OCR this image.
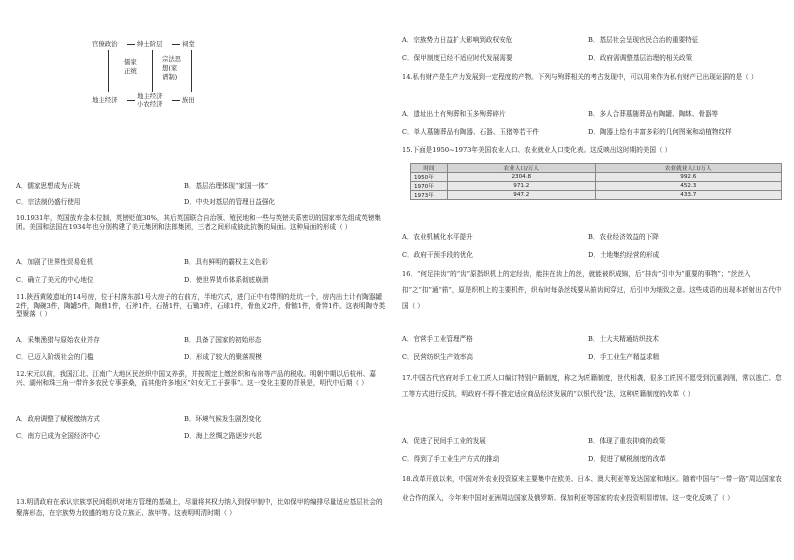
官僚政治	绅士阶层	祠堂
儒家
正统
宗法思
想(家
谱制)
地主经济	地主经济
小农经济	族田
A．儒家思想成为正统	B．基层治理体现“家国一体”
C．宗法制仍盛行使用	D．中央对基层的管理日益强化
10.1931年，英国放弃金本位制，英镑贬值30%，其后英国联合自治领、殖民地和一些与英镑关系密切的国家率先组成英镑集团。美国和法国在1934年也分别构建了美元集团和法郎集团，三者之间形成彼此抗衡的局面。这种局面的形成（ ）
A．加剧了世界性贸易危机	B．具有鲜明的霸权主义色彩
C．确立了美元的中心地位	D．使世界货币体系彻底崩溃
11.陕西黄陵遗址的14号房，位于村落东部1号大房子的右前方，半地穴式，进门正中有带围的灶坑一个，房内出土计有陶器罐2件，陶碗3件，陶罐5件，陶鼎1件，石斧1件，石凿1件，石锄3件，石球1件，骨鱼叉2件，骨镞1件，骨笄1件。这表明陶寺类型聚落（ ）
A．采集渔猎与原始农业并存	B．具备了国家的初始形态
C．已迈入阶级社会的门槛	D．形成了较大的聚落规模
12.宋元以前，我国江北、江南广大地区民丝织中国又养蚕，并按规定上缴丝织和布帛等产品的税收。明朝中期以后杭州、嘉兴、湖州和珠三角一带许多农民专事蚕桑，而其他许多地区“妇女无工于蚕事”。这一变化主要的背景是，明代中后期（ ）
A．政府调整了赋税缴纳方式	B．环境气候发生剧烈变化
C．南方已成为全国经济中心	D．海上丝绸之路逐步兴起
13.明清政府在承认宗族享民间组织对地方管理的基础上，尽量将其权力纳入到保甲制中，比如保甲的编排尽量适应基层社会的聚落形态，在宗族势力较盛的地方设立族正、族甲等。这表明明清时期（ ）
A．宗族势力日益扩大影响到政权安危	B．基层社会呈现官民合治的重要特征
C．保甲制度已经不适应时代发展需要	D．政府需调整基层治理的相关政策
14.私有财产是生产力发展到一定程度的产物。下列与殉葬相关的考古发现中，可以用来作为私有财产已出现证据的是（ ）
A．遗址出土有殉葬和玉多殉葬碎片	B．多人合葬墓随葬品有陶罐、陶缽、骨器等
C．单人墓随葬品有陶器、石器、玉猪等若干件	D．陶器上绘有丰富多彩的几何图案和动植物纹样
15.下面是1950~1973年美国农业人口、农业就业人口变化表。这反映出这时期的美国（ ）
时间	农业人口/万人	农业就业人口/万人
1950年	2304.8	992.6
1970年	971.2	452.3
1973年	947.2	433.7
A．农业机械化水平提升	B．农业经济效益的下降
C．政府干预手段的优化	D．土地集约经营的形成
16．“何足挂齿”的“齿”原指织机上的定经齿，能挂在齿上的丝，就能被织成锦，后“挂齿”引申为“重要的事物”；“丝丝入扣”之“扣”通“筘”，原是织机上的主要机件，织布时每条丝线要从筘齿间穿过，后引申为细致之意。这些成语的出现本折射出古代中国（ ）
A．官营手工业管理严格	B．士大夫精通纺织技术
C．民营纺织生产效率高	D．手工业生产精益求精
17.中国古代官府对手工业工匠人口编订特别户籍制度，称之为匠籍制度，世代相袭，很多工匠因不愿受到沉重剥削，常以逃亡、怠工等方式进行反抗，明政府不得不推定适应商品经济发展的“以银代役”法，这种匠籍制度的改革（ ）
A．促进了民间手工业的发展	B．体现了重农抑商的政策
C．得到了手工业生产方式的推动	D．促进了赋税制度的改革
18.改革开放以来，中国对外农业投资原来主要集中在欧美、日本、澳大利亚等发达国家和地区。随着中国与“一带一路”周边国家农业合作的深入，今年来中国对亚洲周边国家及俄罗斯、保加利亚等国家的农业投资明显增加。这一变化反映了（ ）
